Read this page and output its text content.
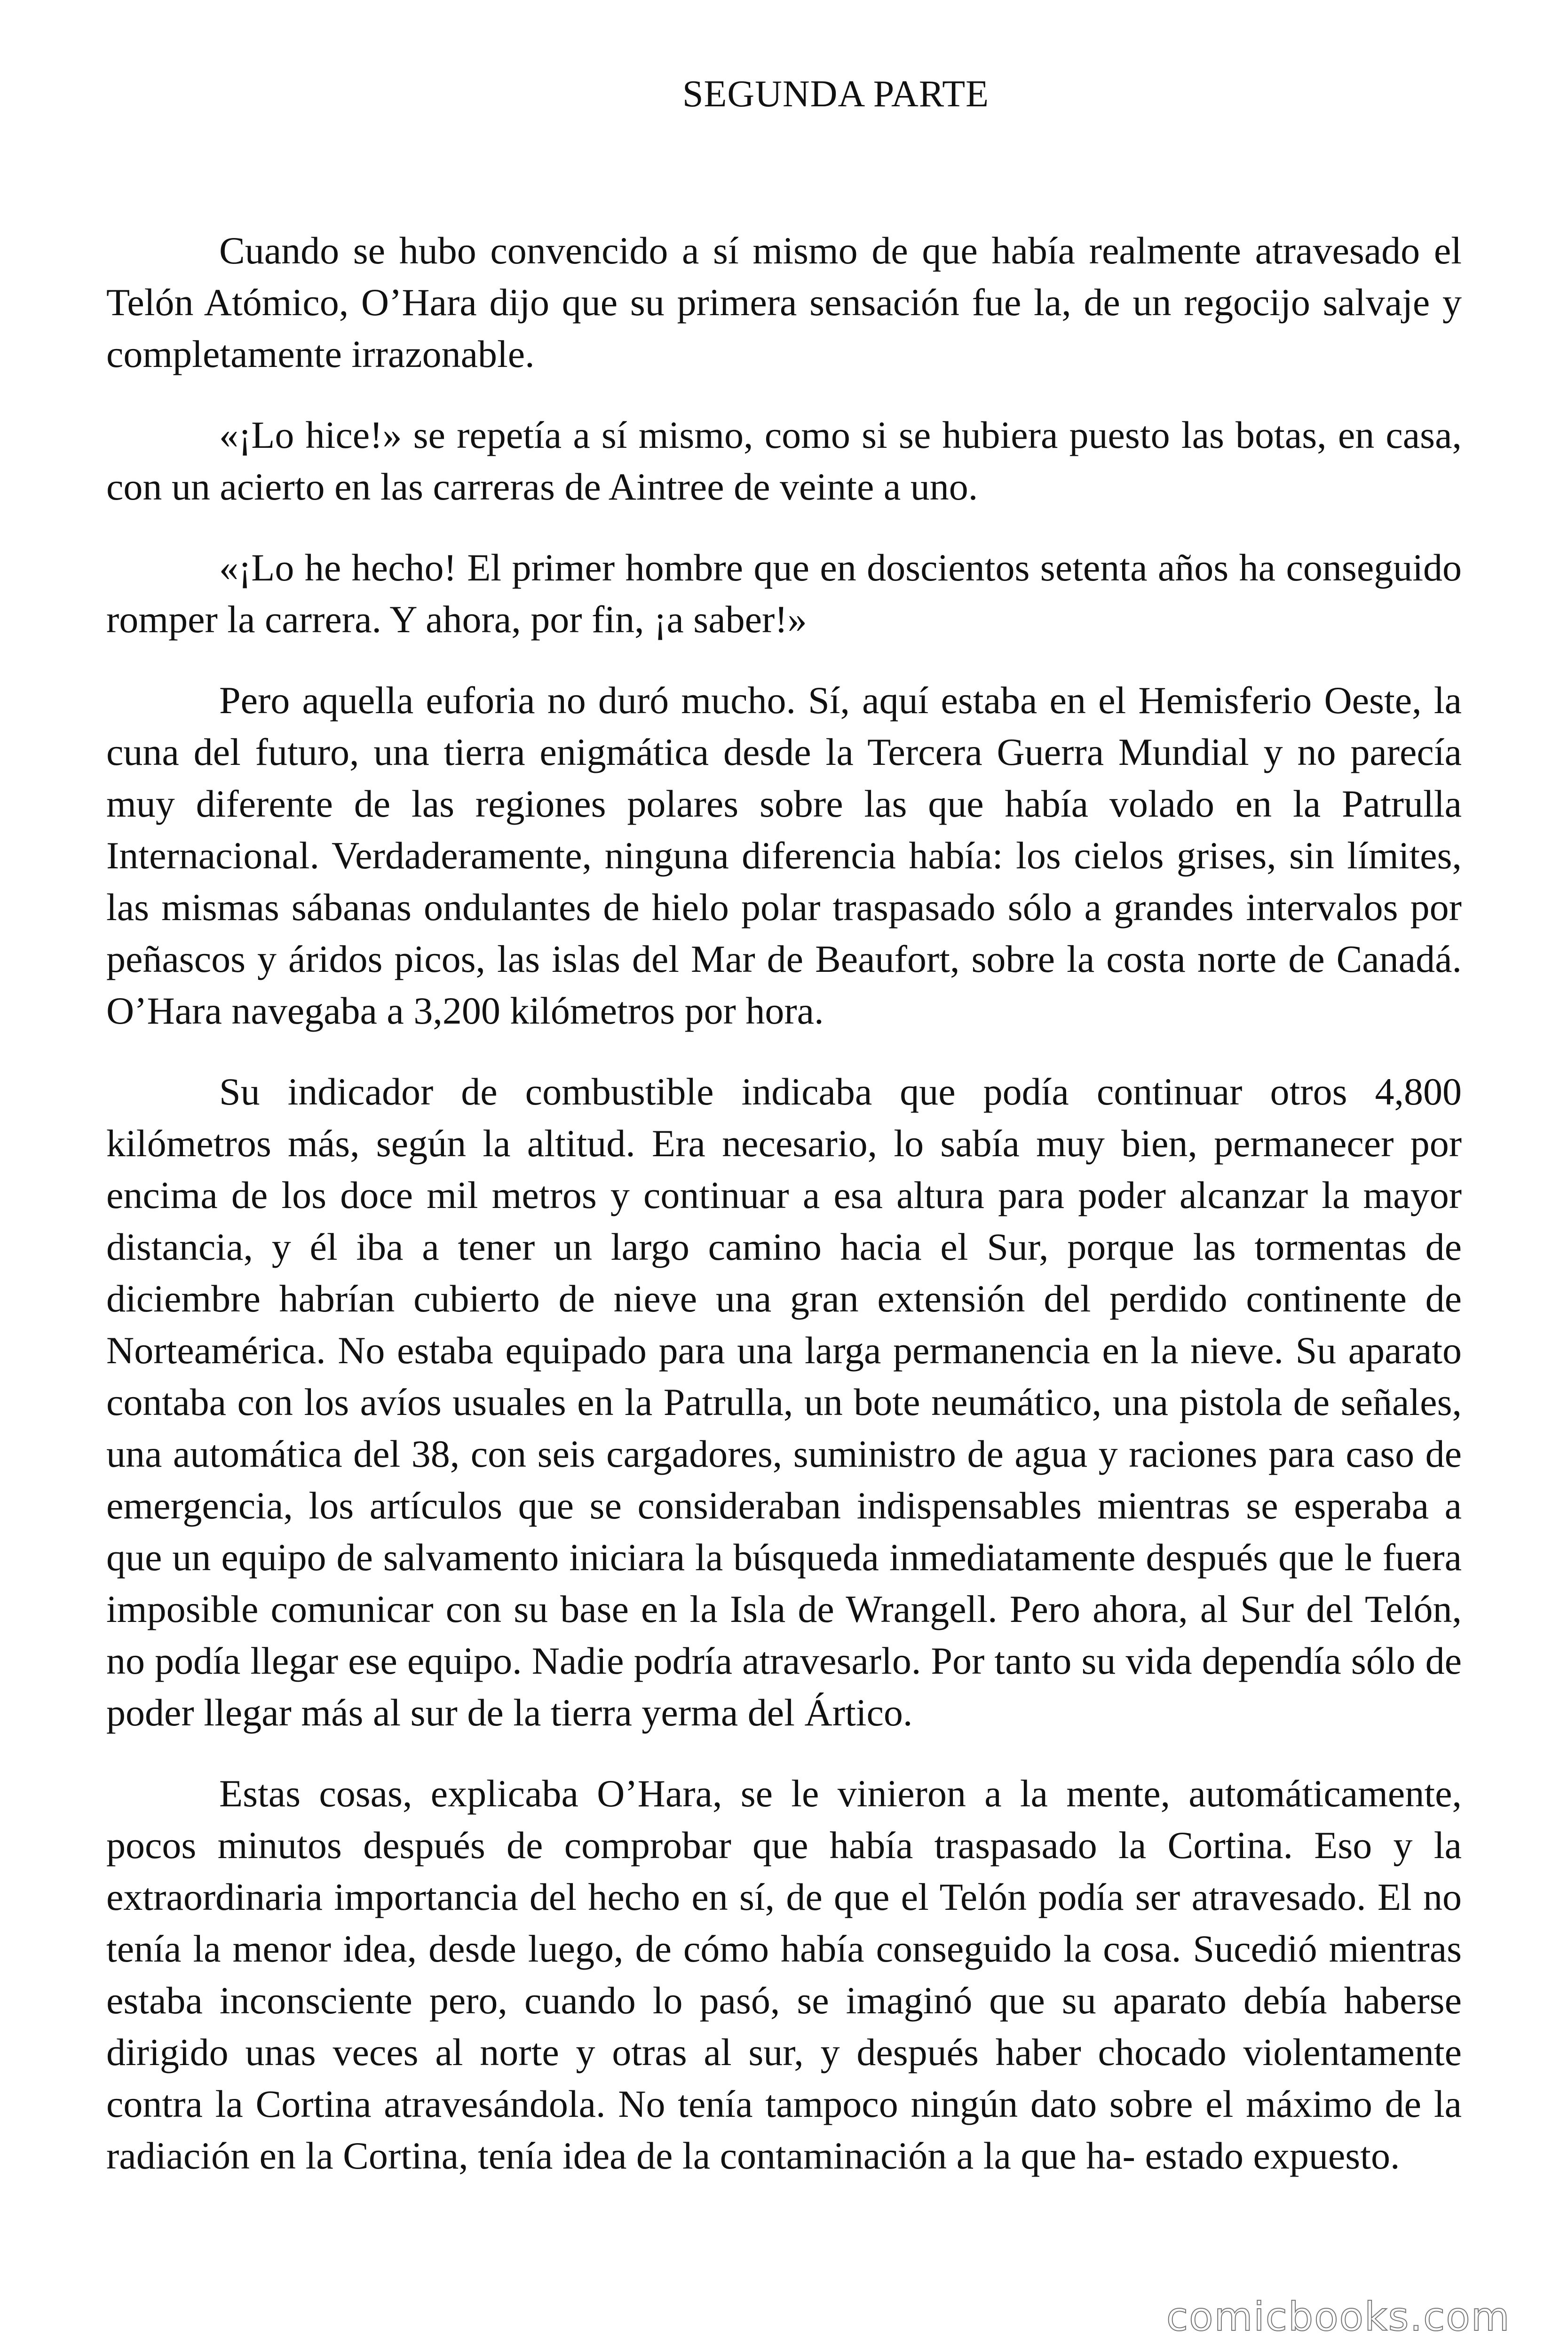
SEGUNDA PARTE

Cuando se hubo convencido a sí mismo de que había realmente atravesado el Telón Atómico, O’Hara dijo que su primera sensación fue la, de un regocijo salvaje y completamente irrazonable.

«¡Lo hice!» se repetía a sí mismo, como si se hubiera puesto las botas, en casa, con un acierto en las carreras de Aintree de veinte a uno.

«¡Lo he hecho! El primer hombre que en doscientos setenta años ha conseguido romper la carrera. Y ahora, por fin, ¡a saber!»

Pero aquella euforia no duró mucho. Sí, aquí estaba en el Hemisferio Oeste, la cuna del futuro, una tierra enigmática desde la Tercera Guerra Mundial y no parecía muy diferente de las regiones polares sobre las que había volado en la Patrulla Internacional. Verdaderamente, ninguna diferencia había: los cielos grises, sin límites, las mismas sábanas ondulantes de hielo polar traspasado sólo a grandes intervalos por peñascos y áridos picos, las islas del Mar de Beaufort, sobre la costa norte de Canadá. O’Hara navegaba a 3,200 kilómetros por hora.

Su indicador de combustible indicaba que podía continuar otros 4,800 kilómetros más, según la altitud. Era necesario, lo sabía muy bien, permanecer por encima de los doce mil metros y continuar a esa altura para poder alcanzar la mayor distancia, y él iba a tener un largo camino hacia el Sur, porque las tormentas de diciembre habrían cubierto de nieve una gran extensión del perdido continente de Norteamérica. No estaba equipado para una larga permanencia en la nieve. Su aparato contaba con los avíos usuales en la Patrulla, un bote neumático, una pistola de señales, una automática del 38, con seis cargadores, suministro de agua y raciones para caso de emergencia, los artículos que se consideraban indispensables mientras se esperaba a que un equipo de salvamento iniciara la búsqueda inmediatamente después que le fuera imposible comunicar con su base en la Isla de Wrangell. Pero ahora, al Sur del Telón, no podía llegar ese equipo. Nadie podría atravesarlo. Por tanto su vida dependía sólo de poder llegar más al sur de la tierra yerma del Ártico.

Estas cosas, explicaba O’Hara, se le vinieron a la mente, automáticamente, pocos minutos después de comprobar que había traspasado la Cortina. Eso y la extraordinaria importancia del hecho en sí, de que el Telón podía ser atravesado. El no tenía la menor idea, desde luego, de cómo había conseguido la cosa. Sucedió mientras estaba inconsciente pero, cuando lo pasó, se imaginó que su aparato debía haberse dirigido unas veces al norte y otras al sur, y después haber chocado violentamente contra la Cortina atravesándola. No tenía tampoco ningún dato sobre el máximo de la radiación en la Cortina, tenía idea de la contaminación a la que ha- estado expuesto.

comicbooks.com
